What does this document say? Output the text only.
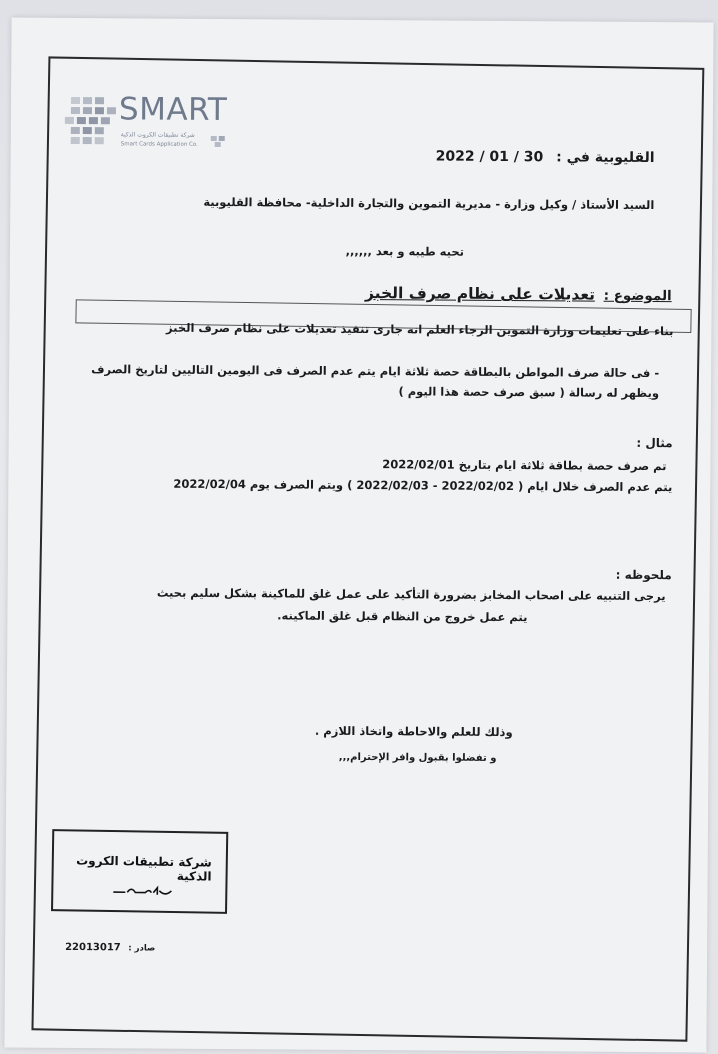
SMART
شركة تطبيقات الكروت الذكية
Smart Cards Application Co.
القليوبية في : 2022 / 01 / 30
السيد الأستاذ / وكيل وزارة - مديرية التموين والتجارة الداخلية- محافظة القليوبية
تحيه طيبه و بعد ,,,,,,
الموضوع : تعديلات على نظام صرف الخبز
بناء على تعليمات وزارة التموين الرجاء العلم انه جارى تنفيذ تعديلات على نظام صرف الخبز
- فى حالة صرف المواطن بالبطاقة حصة ثلاثة ايام يتم عدم الصرف فى اليومين التاليين لتاريخ الصرف
ويظهر له رسالة ( سبق صرف حصة هذا اليوم )
مثال :
تم صرف حصة بطاقة ثلاثة ايام بتاريخ 2022/02/01
يتم عدم الصرف خلال ايام ( 2022/02/02 - 2022/02/03 ) ويتم الصرف يوم 2022/02/04
ملحوظه :
يرجى التنبيه على اصحاب المخابز بضرورة التأكيد على عمل غلق للماكينة بشكل سليم بحيث
يتم عمل خروج من النظام قبل غلق الماكينه.
وذلك للعلم والاحاطة واتخاذ اللازم .
و تفضلوا بقبول وافر الإحترام,,,
شركة تطبيقات الكروت الذكية
22013017 صادر :
